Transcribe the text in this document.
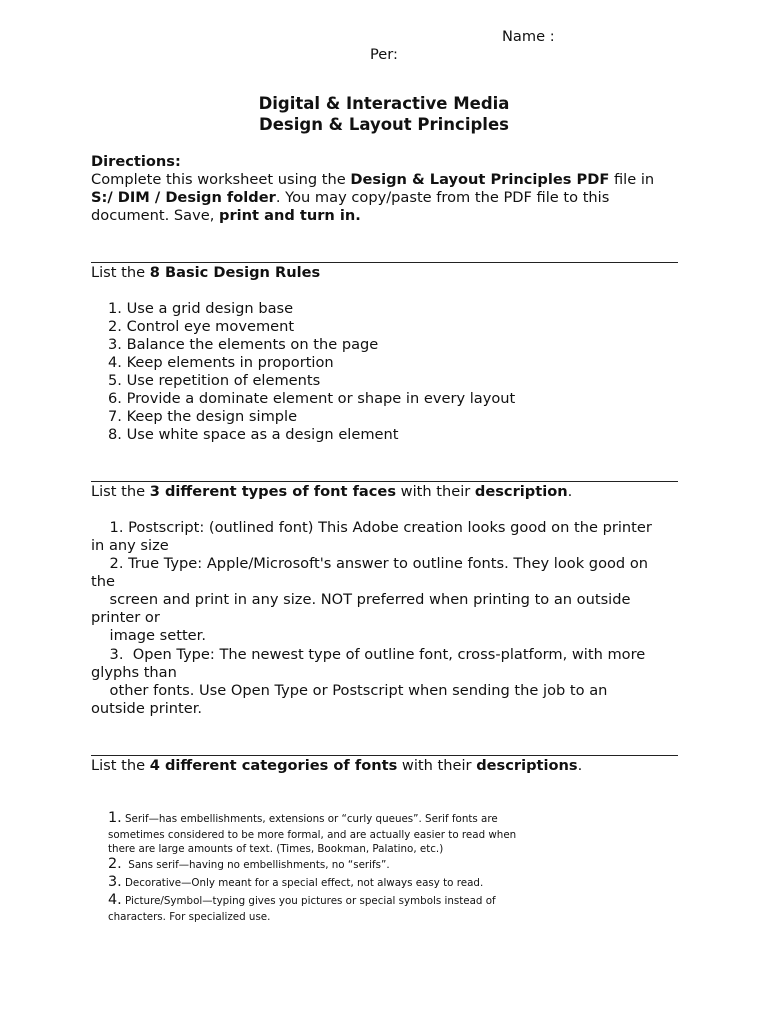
Name :
Per:
Digital & Interactive Media
Design & Layout Principles
Directions:
Complete this worksheet using the Design & Layout Principles PDF file in
S:/ DIM / Design folder. You may copy/paste from the PDF file to this
document. Save, print and turn in.
List the 8 Basic Design Rules
1. Use a grid design base
2. Control eye movement
3. Balance the elements on the page
4. Keep elements in proportion
5. Use repetition of elements
6. Provide a dominate element or shape in every layout
7. Keep the design simple
8. Use white space as a design element
List the 3 different types of font faces with their description.
1. Postscript: (outlined font) This Adobe creation looks good on the printer
in any size
2. True Type: Apple/Microsoft's answer to outline fonts. They look good on
the
screen and print in any size. NOT preferred when printing to an outside
printer or
image setter.
3.  Open Type: The newest type of outline font, cross-platform, with more
glyphs than
other fonts. Use Open Type or Postscript when sending the job to an
outside printer.
List the 4 different categories of fonts with their descriptions.
1. Serif—has embellishments, extensions or “curly queues”. Serif fonts are
sometimes considered to be more formal, and are actually easier to read when
there are large amounts of text. (Times, Bookman, Palatino, etc.)
2.  Sans serif—having no embellishments, no “serifs”.
3. Decorative—Only meant for a special effect, not always easy to read.
4. Picture/Symbol—typing gives you pictures or special symbols instead of
characters. For specialized use.
